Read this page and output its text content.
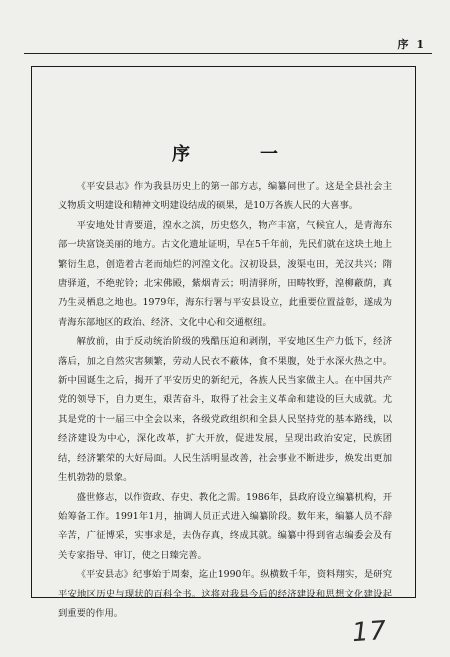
序 1
序　一

《平安县志》作为我县历史上的第一部方志，编纂问世了。这是全县社会主义物质文明建设和精神文明建设结成的硕果，是10万各族人民的大喜事。

平安地处甘青要道，湟水之滨，历史悠久，物产丰富，气候宜人，是青海东部一块富饶美丽的地方。古文化遗址证明，早在5千年前，先民们就在这块土地上繁衍生息，创造着古老而灿烂的河湟文化。汉初设县，浚渠屯田，羌汉共兴；隋唐驿道，不绝驼铃；北宋佛殿，紫烟青云；明清驿所，田畴牧野，湟柳蔽荫，真乃生灵栖息之地也。1979年，海东行署与平安县设立，此重要位置益彰，遂成为青海东部地区的政治、经济、文化中心和交通枢纽。

解放前，由于反动统治阶级的残酷压迫和剥削，平安地区生产力低下，经济落后，加之自然灾害频繁，劳动人民衣不蔽体，食不果腹，处于水深火热之中。新中国诞生之后，揭开了平安历史的新纪元，各族人民当家做主人。在中国共产党的领导下，自力更生，艰苦奋斗，取得了社会主义革命和建设的巨大成就。尤其是党的十一届三中全会以来，各级党政组织和全县人民坚持党的基本路线，以经济建设为中心，深化改革，扩大开放，促进发展，呈现出政治安定，民族团结，经济繁荣的大好局面。人民生活明显改善，社会事业不断进步，焕发出更加生机勃勃的景象。

盛世修志，以作资政、存史、教化之需。1986年，县政府设立编纂机构，开始筹备工作。1991年1月，抽调人员正式进入编纂阶段。数年来，编纂人员不辞辛苦，广征博采，实事求是，去伪存真，终成其就。编纂中得到省志编委会及有关专家指导、审订，使之日臻完善。

《平安县志》纪事始于周秦，迄止1990年。纵横数千年，资料翔实，是研究平安地区历史与现状的百科全书。这将对我县今后的经济建设和思想文化建设起到重要的作用。

17
